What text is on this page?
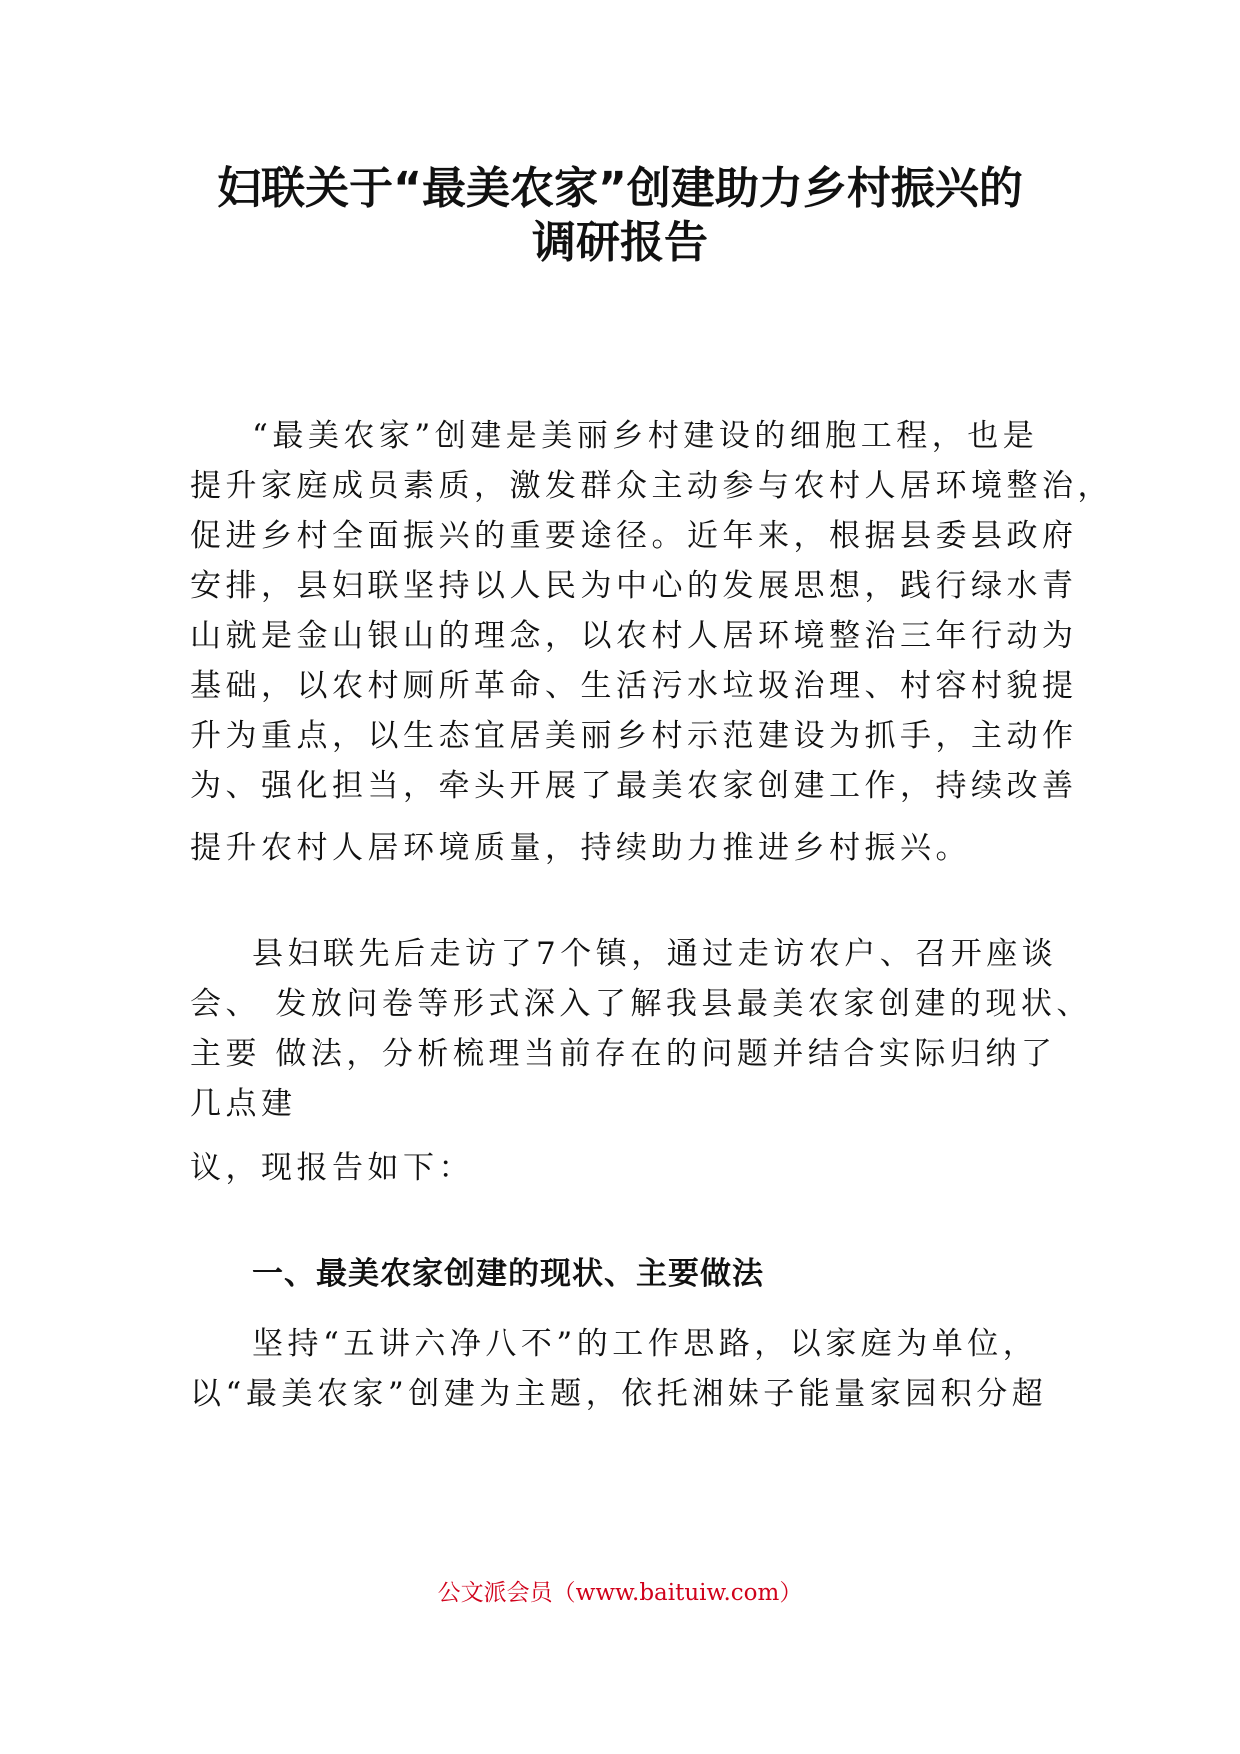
妇联关于“最美农家”创建助力乡村振兴的
调研报告
“最美农家”创建是美丽乡村建设的细胞工程，也是
提升家庭成员素质，激发群众主动参与农村人居环境整治，
促进乡村全面振兴的重要途径。近年来，根据县委县政府
安排，县妇联坚持以人民为中心的发展思想，践行绿水青
山就是金山银山的理念，以农村人居环境整治三年行动为
基础，以农村厕所革命、生活污水垃圾治理、村容村貌提
升为重点，以生态宜居美丽乡村示范建设为抓手，主动作
为、强化担当，牵头开展了最美农家创建工作，持续改善
提升农村人居环境质量，持续助力推进乡村振兴。
县妇联先后走访了7个镇，通过走访农户、召开座谈
会、 发放问卷等形式深入了解我县最美农家创建的现状、
主要 做法，分析梳理当前存在的问题并结合实际归纳了
几点建
议，现报告如下：
一、最美农家创建的现状、主要做法
坚持“五讲六净八不”的工作思路，以家庭为单位，
以“最美农家”创建为主题，依托湘妹子能量家园积分超
公文派会员（www.baituiw.com）
